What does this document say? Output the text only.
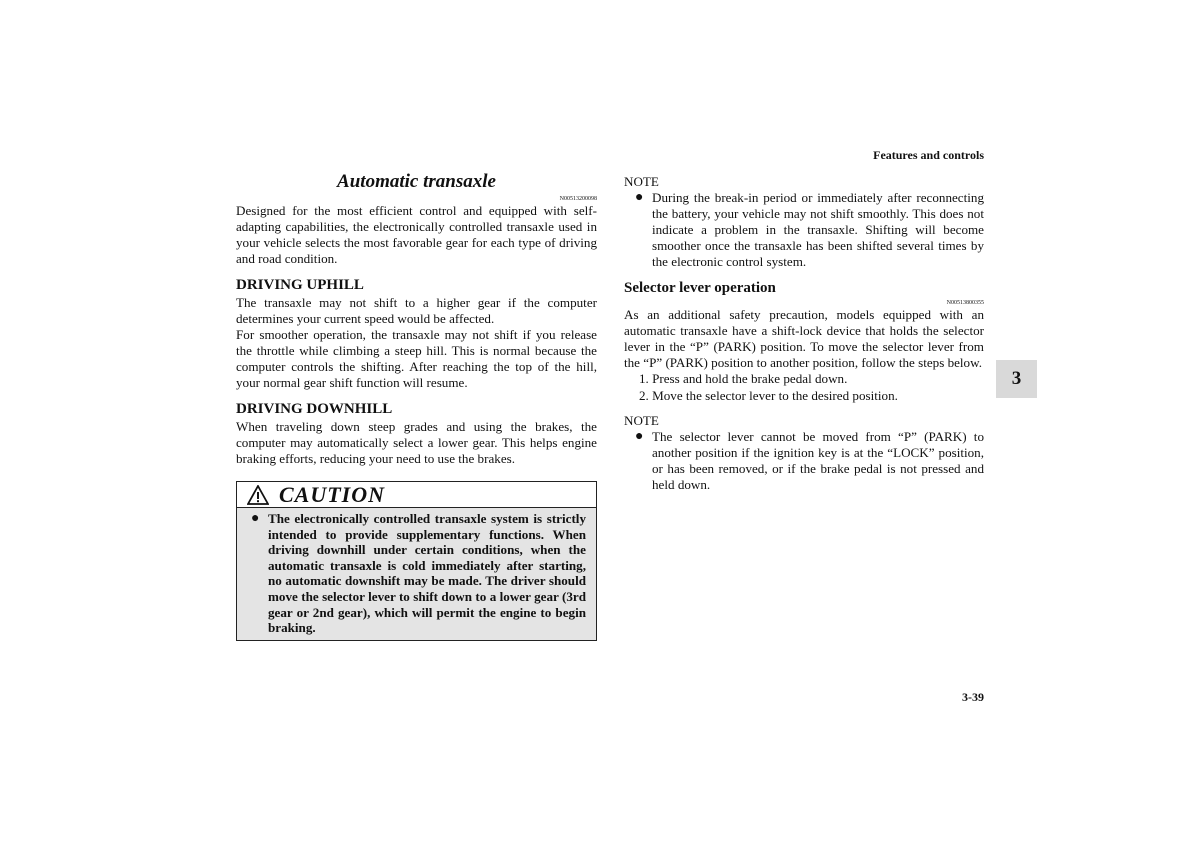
Features and controls
Automatic transaxle
N00513200098

Designed for the most efficient control and equipped with self-adapting capabilities, the electronically controlled transaxle used in your vehicle selects the most favorable gear for each type of driving and road condition.

DRIVING UPHILL

The transaxle may not shift to a higher gear if the computer determines your current speed would be affected.

For smoother operation, the transaxle may not shift if you release the throttle while climbing a steep hill. This is normal because the computer controls the shifting. After reaching the top of the hill, your normal gear shift function will resume.

DRIVING DOWNHILL

When traveling down steep grades and using the brakes, the computer may automatically select a lower gear. This helps engine braking efforts, reducing your need to use the brakes.

CAUTION
● The electronically controlled transaxle system is strictly intended to provide supplementary functions. When driving downhill under certain conditions, when the automatic transaxle is cold immediately after starting, no automatic downshift may be made. The driver should move the selector lever to shift down to a lower gear (3rd gear or 2nd gear), which will permit the engine to begin braking.

NOTE
● During the break-in period or immediately after reconnecting the battery, your vehicle may not shift smoothly. This does not indicate a problem in the transaxle. Shifting will become smoother once the transaxle has been shifted several times by the electronic control system.

Selector lever operation
N00513800355

As an additional safety precaution, models equipped with an automatic transaxle have a shift-lock device that holds the selector lever in the “P” (PARK) position. To move the selector lever from the “P” (PARK) position to another position, follow the steps below.

1. Press and hold the brake pedal down.
2. Move the selector lever to the desired position.
NOTE
● The selector lever cannot be moved from “P” (PARK) to another position if the ignition key is at the “LOCK” position, or has been removed, or if the brake pedal is not pressed and held down.

3
3-39
